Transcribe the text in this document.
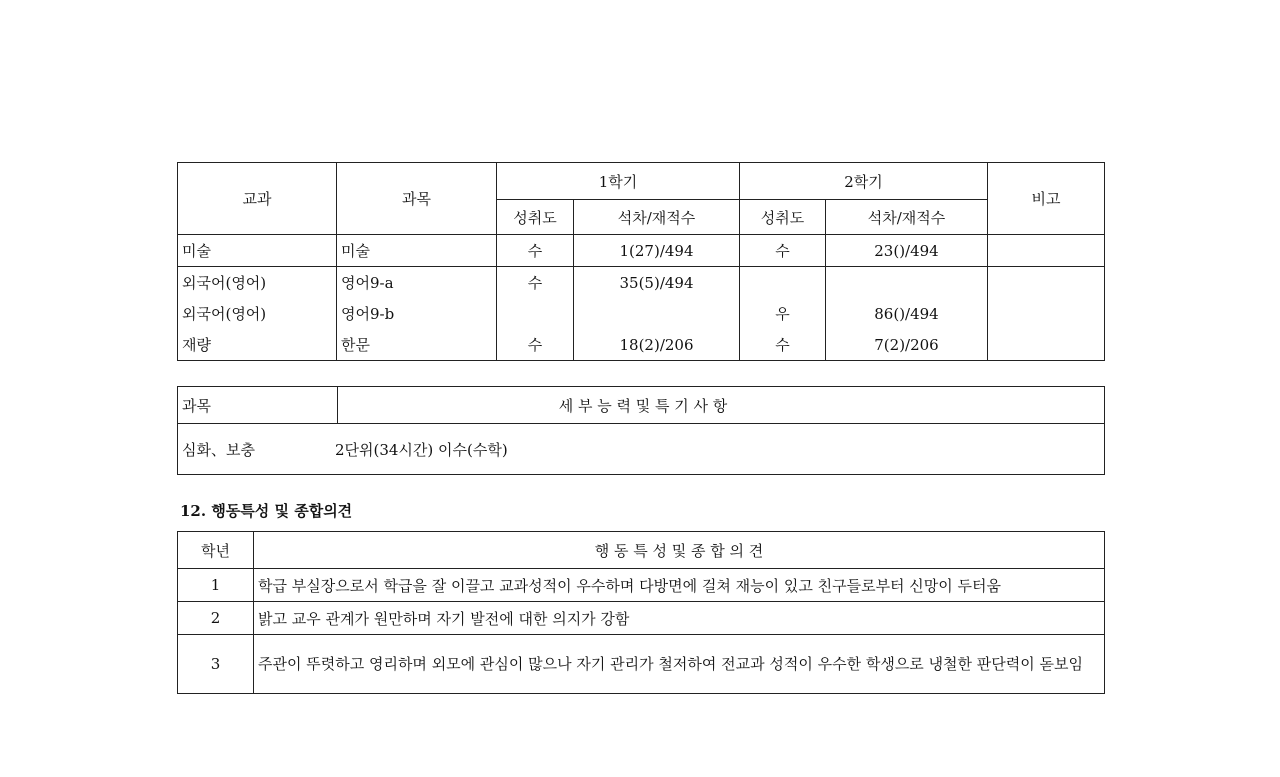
교과	과목	1학기		2학기		비고
		성취도	석차/재적수	성취도	석차/재적수	
미술	미술	수	1(27)/494	수	23()/494	
외국어(영어)	영어9-a	수	35(5)/494			
외국어(영어)	영어9-b			우	86()/494	
재량	한문	수	18(2)/206	수	7(2)/206	
과목	세 부 능 력 및 특 기 사 항
심화、보충	2단위(34시간) 이수(수학)
12. 행동특성 및 종합의견
학년	행 동 특 성 및 종 합 의 견
1	학급 부실장으로서 학급을 잘 이끌고 교과성적이 우수하며 다방면에 걸쳐 재능이 있고 친구들로부터 신망이 두터움
2	밝고 교우 관계가 원만하며 자기 발전에 대한 의지가 강함
3	주관이 뚜렷하고 영리하며 외모에 관심이 많으나 자기 관리가 철저하여 전교과 성적이 우수한 학생으로 냉철한 판단력이 돋보임
